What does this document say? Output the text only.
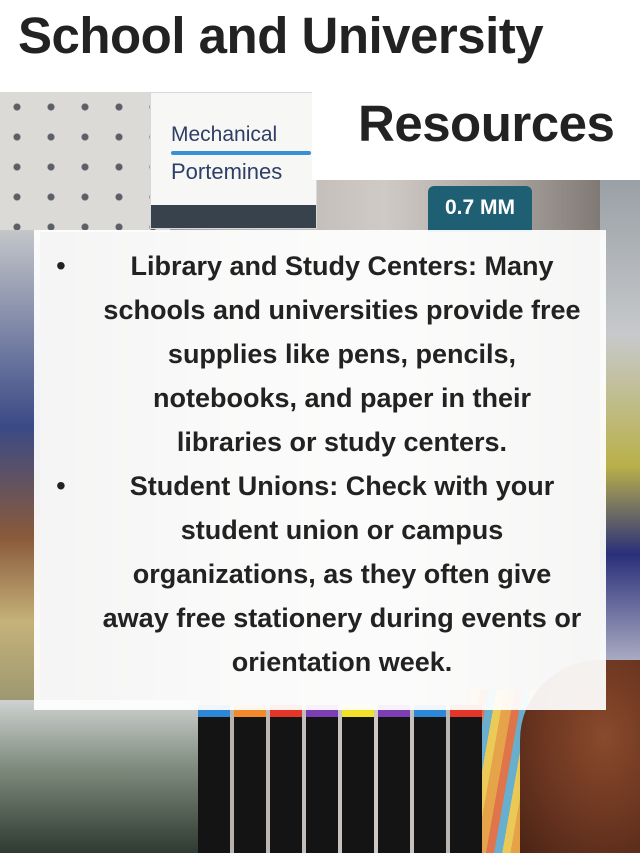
Mechanical
Portemines
0.7 MM
School and University
Resources
•	Library and Study Centers: Many schools and universities provide free supplies like pens, pencils, notebooks, and paper in their libraries or study centers.
•	Student Unions: Check with your student union or campus organizations, as they often give away free stationery during events or orientation week.
